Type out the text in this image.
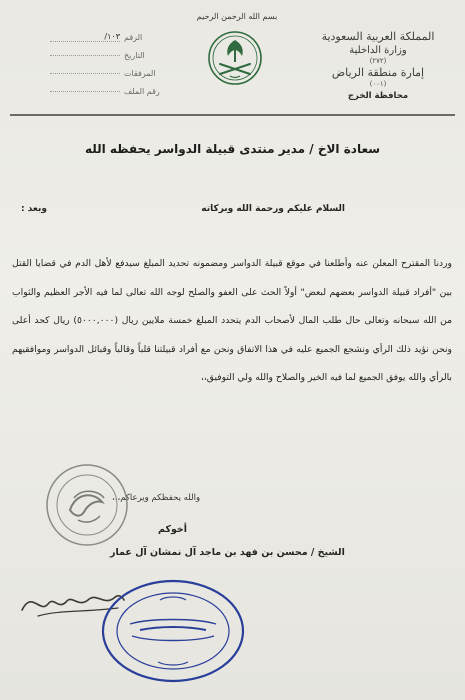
بسم الله الرحمن الرحيم
المملكة العربية السعودية
وزارة الداخلية
(٢٧٢)
إمارة منطقة الرياض
(٠٠١)
محافظة الخرج
الرقم
١٠٣/
التاريخ
المرفقات
رقم الملف
سعادة الاخ / مدير منتدى قبيلة الدواسر يحفظه الله
السلام عليكم ورحمة الله وبركاته
وبعد :
وردنا المقترح المعلن عنه وأطلعنا في موقع قبيلة الدواسر ومضمونه تحديد المبلغ سيدفع لأهل الدم في قضايا القتل بين "أفراد قبيلة الدواسر بعضهم لبعض" أولاً الحث على العفو والصلح لوجه الله تعالى لما فيه الأجر العظيم والثواب من الله سبحانه وتعالى حال طلب المال لأصحاب الدم يتحدد المبلغ خمسة ملايين ريال (٥٠٠٠,٠٠٠) ريال كحد أعلى ونحن نؤيد ذلك الرأي ونشجع الجميع عليه في هذا الاتفاق ونحن مع أفراد قبيلتنا قلباً وقالباً وقبائل الدواسر وموافقيهم بالرأي والله يوفق الجميع لما فيه الخير والصلاح والله ولي التوفيق،،
والله يحفظكم ويرعاكم،،،
أخوكم
الشيخ / محسن بن فهد بن ماجد آل نمشان آل عمار
